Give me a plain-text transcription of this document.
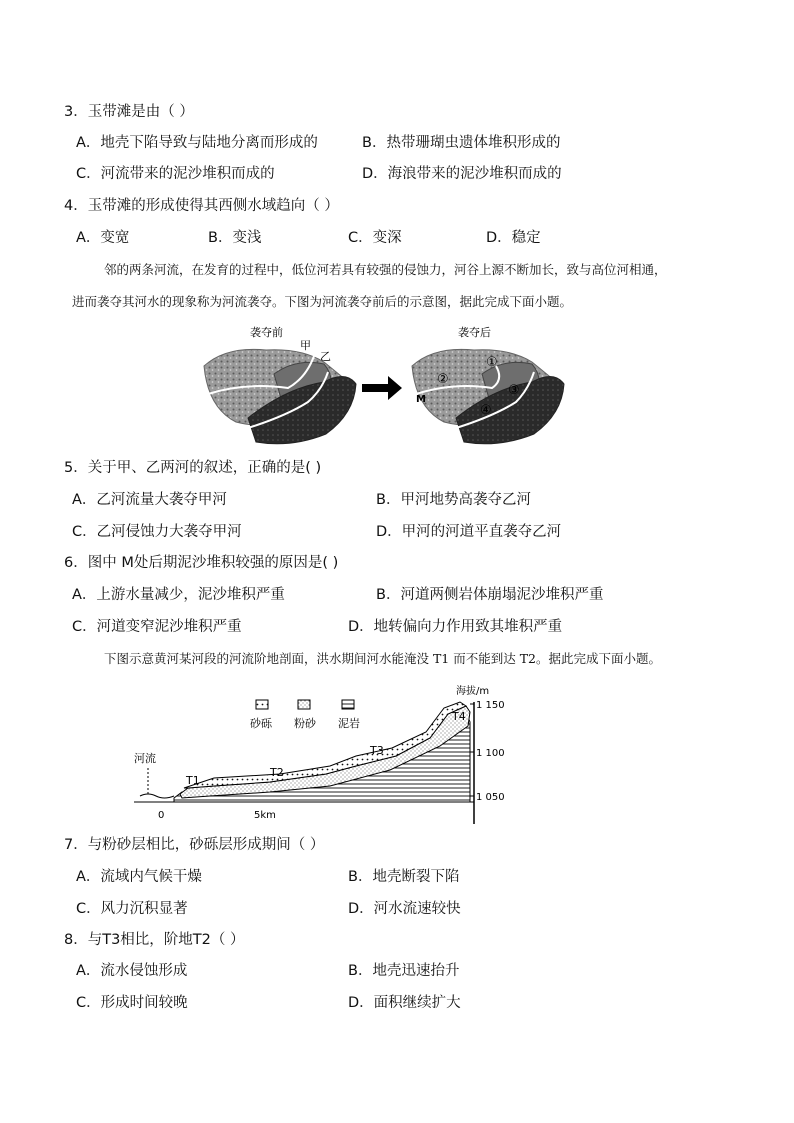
3．玉带滩是由（ ）
A．地壳下陷导致与陆地分离而形成的	B．热带珊瑚虫遗体堆积形成的
C．河流带来的泥沙堆积而成的	D．海浪带来的泥沙堆积而成的
4．玉带滩的形成使得其西侧水域趋向（ ）
A．变宽	B．变浅	C．变深	D．稳定
邻的两条河流，在发育的过程中，低位河若具有较强的侵蚀力，河谷上源不断加长，致与高位河相通，
进而袭夺其河水的现象称为河流袭夺。下图为河流袭夺前后的示意图，据此完成下面小题。
袭夺前
甲
乙
袭夺后
①
②
③
④
M
5．关于甲、乙两河的叙述，正确的是( )
A．乙河流量大袭夺甲河	B．甲河地势高袭夺乙河
C．乙河侵蚀力大袭夺甲河	D．甲河的河道平直袭夺乙河
6．图中 M处后期泥沙堆积较强的原因是( )
A．上游水量减少，泥沙堆积严重	B．河道两侧岩体崩塌泥沙堆积严重
C．河道变窄泥沙堆积严重	D．地转偏向力作用致其堆积严重
下图示意黄河某河段的河流阶地剖面，洪水期间河水能淹没 T1 而不能到达 T2。据此完成下面小题。
砂砾 粉砂 泥岩
海拔/m
1 150
1 100
1 050
河流
T1
T2
T3
T4
0	5km
7．与粉砂层相比，砂砾层形成期间（ ）
A．流域内气候干燥	B．地壳断裂下陷
C．风力沉积显著	D．河水流速较快
8．与T3相比，阶地T2（ ）
A．流水侵蚀形成	B．地壳迅速抬升
C．形成时间较晚	D．面积继续扩大
